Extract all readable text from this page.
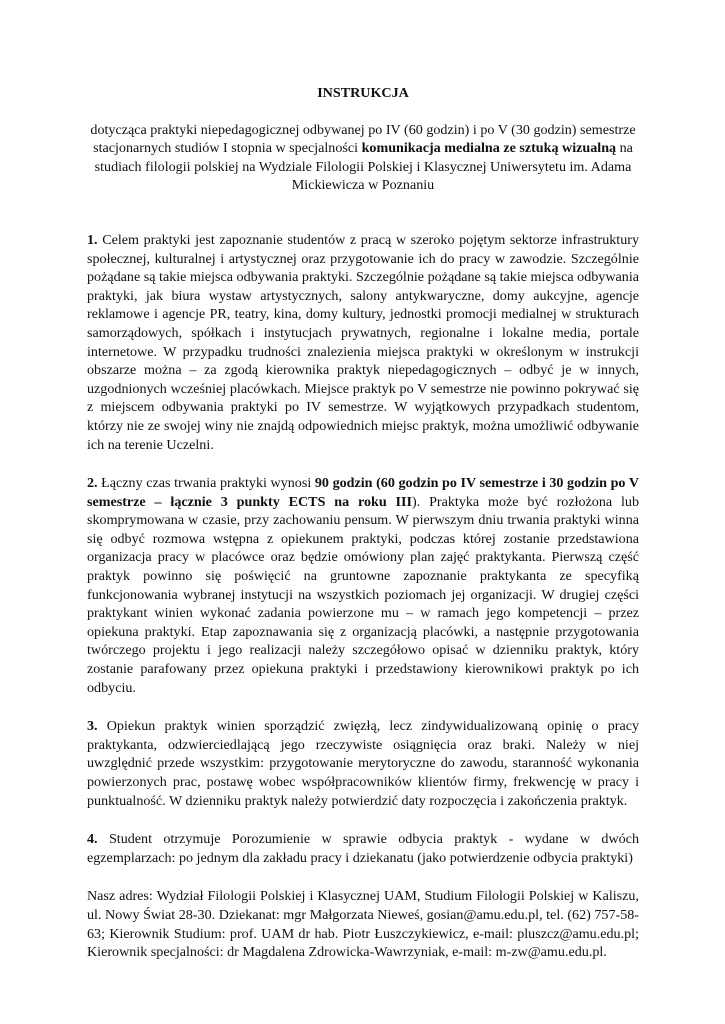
INSTRUKCJA
dotycząca praktyki niepedagogicznej odbywanej po IV (60 godzin) i po V (30 godzin) semestrze stacjonarnych studiów I stopnia w specjalności komunikacja medialna ze sztuką wizualną na studiach filologii polskiej na Wydziale Filologii Polskiej i Klasycznej Uniwersytetu im. Adama Mickiewicza w Poznaniu

1. Celem praktyki jest zapoznanie studentów z pracą w szeroko pojętym sektorze infrastruktury społecznej, kulturalnej i artystycznej oraz przygotowanie ich do pracy w zawodzie. Szczególnie pożądane są takie miejsca odbywania praktyki. Szczególnie pożądane są takie miejsca odbywania praktyki, jak biura wystaw artystycznych, salony antykwaryczne, domy aukcyjne, agencje reklamowe i agencje PR, teatry, kina, domy kultury, jednostki promocji medialnej w strukturach samorządowych, spółkach i instytucjach prywatnych, regionalne i lokalne media, portale internetowe. W przypadku trudności znalezienia miejsca praktyki w określonym w instrukcji obszarze można – za zgodą kierownika praktyk niepedagogicznych – odbyć je w innych, uzgodnionych wcześniej placówkach. Miejsce praktyk po V semestrze nie powinno pokrywać się z miejscem odbywania praktyki po IV semestrze. W wyjątkowych przypadkach studentom, którzy nie ze swojej winy nie znajdą odpowiednich miejsc praktyk, można umożliwić odbywanie ich na terenie Uczelni.

2. Łączny czas trwania praktyki wynosi 90 godzin (60 godzin po IV semestrze i 30 godzin po V semestrze – łącznie 3 punkty ECTS na roku III). Praktyka może być rozłożona lub skomprymowana w czasie, przy zachowaniu pensum. W pierwszym dniu trwania praktyki winna się odbyć rozmowa wstępna z opiekunem praktyki, podczas której zostanie przedstawiona organizacja pracy w placówce oraz będzie omówiony plan zajęć praktykanta. Pierwszą część praktyk powinno się poświęcić na gruntowne zapoznanie praktykanta ze specyfiką funkcjonowania wybranej instytucji na wszystkich poziomach jej organizacji. W drugiej części praktykant winien wykonać zadania powierzone mu – w ramach jego kompetencji – przez opiekuna praktyki. Etap zapoznawania się z organizacją placówki, a następnie przygotowania twórczego projektu i jego realizacji należy szczegółowo opisać w dzienniku praktyk, który zostanie parafowany przez opiekuna praktyki i przedstawiony kierownikowi praktyk po ich odbyciu.

3. Opiekun praktyk winien sporządzić zwięzłą, lecz zindywidualizowaną opinię o pracy praktykanta, odzwierciedlającą jego rzeczywiste osiągnięcia oraz braki. Należy w niej uwzględnić przede wszystkim: przygotowanie merytoryczne do zawodu, staranność wykonania powierzonych prac, postawę wobec współpracowników klientów firmy, frekwencję w pracy i punktualność. W dzienniku praktyk należy potwierdzić daty rozpoczęcia i zakończenia praktyk.

4. Student otrzymuje Porozumienie w sprawie odbycia praktyk - wydane w dwóch egzemplarzach: po jednym dla zakładu pracy i dziekanatu (jako potwierdzenie odbycia praktyki)

Nasz adres: Wydział Filologii Polskiej i Klasycznej UAM, Studium Filologii Polskiej w Kaliszu, ul. Nowy Świat 28-30. Dziekanat: mgr Małgorzata Nieweś, gosian@amu.edu.pl, tel. (62) 757-58-63; Kierownik Studium: prof. UAM dr hab. Piotr Łuszczykiewicz, e-mail: pluszcz@amu.edu.pl; Kierownik specjalności: dr Magdalena Zdrowicka-Wawrzyniak, e-mail: m-zw@amu.edu.pl.
